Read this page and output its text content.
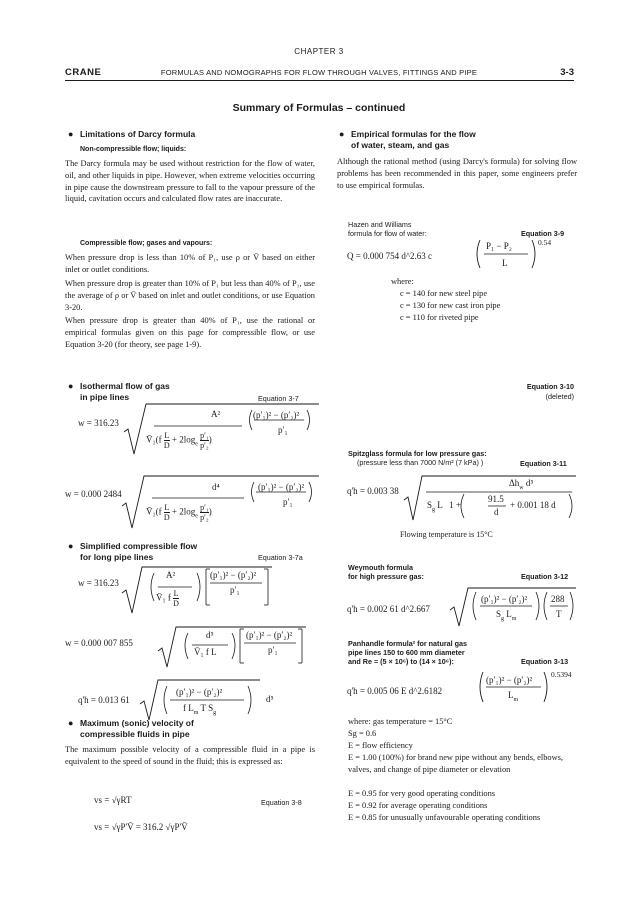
CHAPTER 3
CRANE	FORMULAS AND NOMOGRAPHS FOR FLOW THROUGH VALVES, FITTINGS AND PIPE	3-3
Summary of Formulas – continued
● Limitations of Darcy formula
Non-compressible flow; liquids:
The Darcy formula may be used without restriction for the flow of water, oil, and other liquids in pipe. However, when extreme velocities occurring in pipe cause the downstream pressure to fall to the vapour pressure of the liquid, cavitation occurs and calculated flow rates are inaccurate.
Compressible flow; gases and vapours:
When pressure drop is less than 10% of P₁, use ρ or V̄ based on either inlet or outlet conditions.
When pressure drop is greater than 10% of P₁ but less than 40% of P₁, use the average of ρ or V̄ based on inlet and outlet conditions, or use Equation 3-20.
When pressure drop is greater than 40% of P₁, use the rational or empirical formulas given on this page for compressible flow, or use Equation 3-20 (for theory, see page 1-9).
● Isothermal flow of gas
in pipe lines	Equation 3-7
w = 316.23
A²	(p′₁)² − (p′₂)²
p′₁
V̄₁(f L
$D + 2\log_e$
p′₁
p′₂)
w = 0.000 2484
d⁴	(p′₁)² − (p′₂)²
p′₁
V̄₁(f L
$D + 2\log_e$
p′₁
p′₂)
● Simplified compressible flow
for long pipe lines	Equation 3-7a
w = 316.23
A²	(p′₁)² − (p′₂)²
p′₁
V̄₁ f L
D
w = 0.000 007 855
d⁵	(p′₁)² − (p′₂)²
p′₁
V̄₁ f L
q'h = 0.013 61
(p′₁)² − (p′₂)²
f $L_m$ T $S_g$
d⁵
● Maximum (sonic) velocity of
compressible fluids in pipe
The maximum possible velocity of a compressible fluid in a pipe is equivalent to the speed of sound in the fluid; this is expressed as:
vs = √γRT	Equation 3-8
vs = √γP'V̄ = 316.2 √γP'V̄
● Empirical formulas for the flow
of water, steam, and gas
Although the rational method (using Darcy's formula) for solving flow problems has been recommended in this paper, some engineers prefer to use empirical formulas.
Hazen and Williams
formula for flow of water:	Equation 3-9
Q = 0.000 754 d^2.63 c
P₁ − P₂
L
0.54
where:
c = 140 for new steel pipe
c = 130 for new cast iron pipe
c = 110 for riveted pipe
Equation 3-10
(deleted)
Spitzglass formula for low pressure gas:
(pressure less than 7000 N/m² (7 kPa) )	Equation 3-11
q'h = 0.003 38
$\Delta h_w$ d⁵
$S_g$ L   1 +
91.5
d
+ 0.001 18 d
Flowing temperature is 15°C
Weymouth formula
for high pressure gas:	Equation 3-12
q'h = 0.002 61 d^2.667
(p′₁)² − (p′₂)²
$S_g$ $L_m$
288
T
Panhandle formula² for natural gas
pipe lines 150 to 600 mm diameter
and Re = (5 × 10⁶) to (14 × 10⁶):	Equation 3-13
q'h = 0.005 06 E d^2.6182
(p′₁)² − (p′₂)²
$L_m$
0.5394
where: gas temperature = 15°C
Sg = 0.6
E = flow efficiency
E = 1.00 (100%) for brand new pipe without any bends, elbows, valves, and change of pipe diameter or elevation
E = 0.95 for very good operating conditions
E = 0.92 for average operating conditions
E = 0.85 for unusually unfavourable operating conditions
